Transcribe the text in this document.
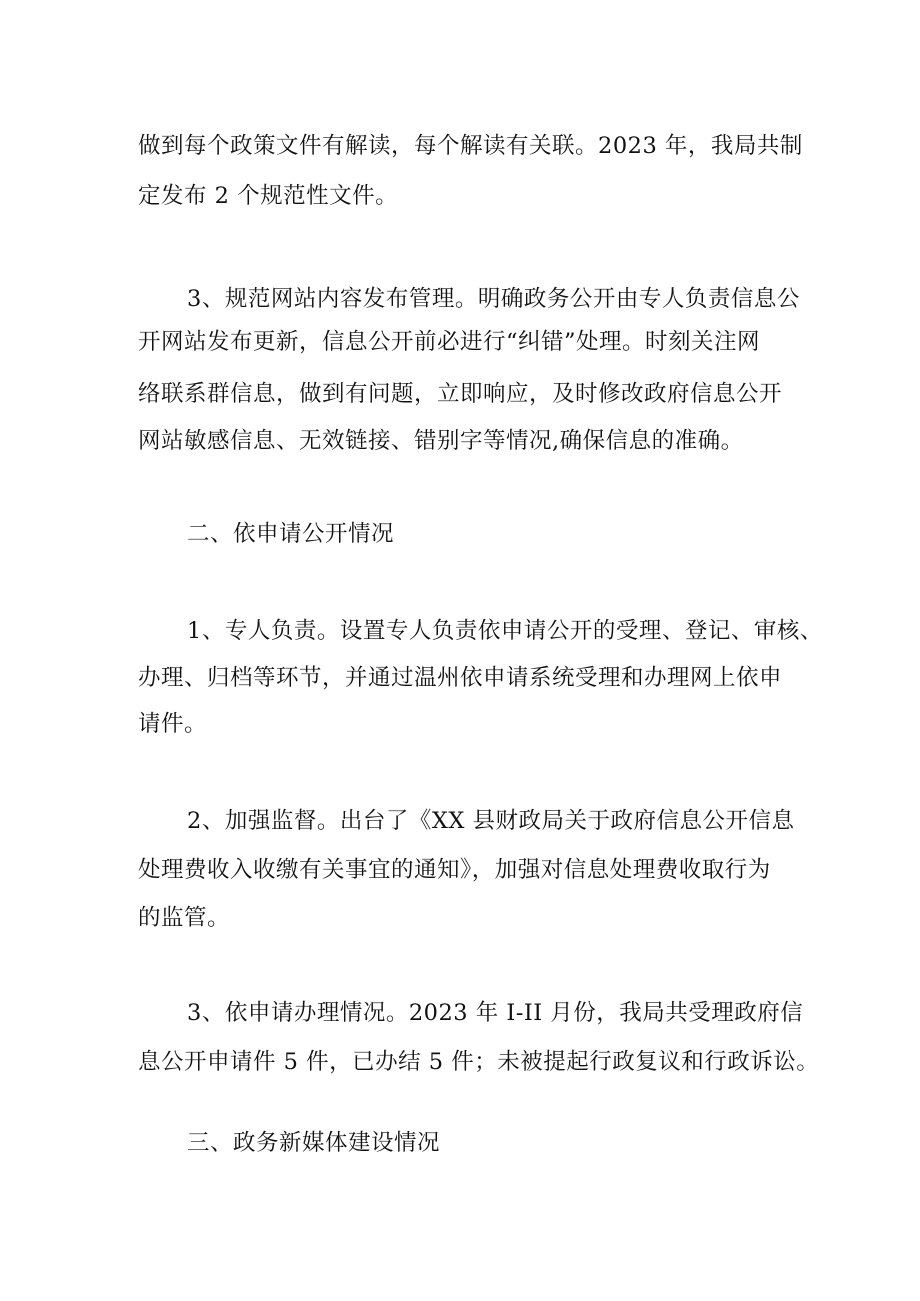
做到每个政策文件有解读，每个解读有关联。2023 年，我局共制
定发布 2 个规范性文件。
3、规范网站内容发布管理。明确政务公开由专人负责信息公
开网站发布更新，信息公开前必进行“纠错”处理。时刻关注网
络联系群信息，做到有问题，立即响应，及时修改政府信息公开
网站敏感信息、无效链接、错别字等情况,确保信息的准确。
二、依申请公开情况
1、专人负责。设置专人负责依申请公开的受理、登记、审核、
办理、归档等环节，并通过温州依申请系统受理和办理网上依申
请件。
2、加强监督。出台了《XX 县财政局关于政府信息公开信息
处理费收入收缴有关事宜的通知》，加强对信息处理费收取行为
的监管。
3、依申请办理情况。2023 年 I-II 月份，我局共受理政府信
息公开申请件 5 件，已办结 5 件；未被提起行政复议和行政诉讼。
三、政务新媒体建设情况
